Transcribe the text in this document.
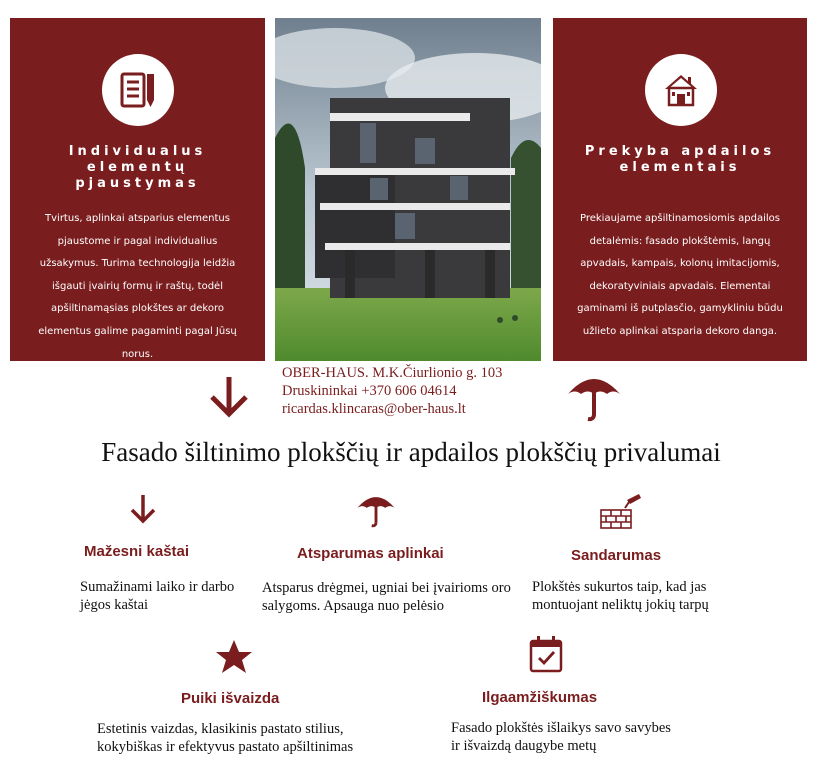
Individualus elementų pjaustymas
Tvirtus, aplinkai atsparius elementus pjaustome ir pagal individualius užsakymus. Turima technologija leidžia išgauti įvairių formų ir raštų, todėl apšiltinamąsias plokštes ar dekoro elementus galime pagaminti pagal Jūsų norus.
Prekyba apdailos elementais
Prekiaujame apšiltinamosiomis apdailos detalėmis: fasado plokštėmis, langų apvadais, kampais, kolonų imitacijomis, dekoratyviniais apvadais. Elementai gaminami iš putplasčio, gamykliniu būdu užlieto aplinkai atsparia dekoro danga.
OBER-HAUS. M.K.Čiurlionio g. 103
Druskininkai +370 606 04614
ricardas.klincaras@ober-haus.lt
Fasado šiltinimo plokščių ir apdailos plokščių privalumai
Mažesni kaštai
Sumažinami laiko ir darbo jėgos kaštai
Atsparumas aplinkai
Atsparus drėgmei, ugniai bei įvairioms oro salygoms. Apsauga nuo pelėsio
Sandarumas
Plokštės sukurtos taip, kad jas montuojant neliktų jokių tarpų
Puiki išvaizda
Estetinis vaizdas, klasikinis pastato stilius, kokybiškas ir efektyvus pastato apšiltinimas
Ilgaamžiškumas
Fasado plokštės išlaikys savo savybes ir išvaizdą daugybe metų
